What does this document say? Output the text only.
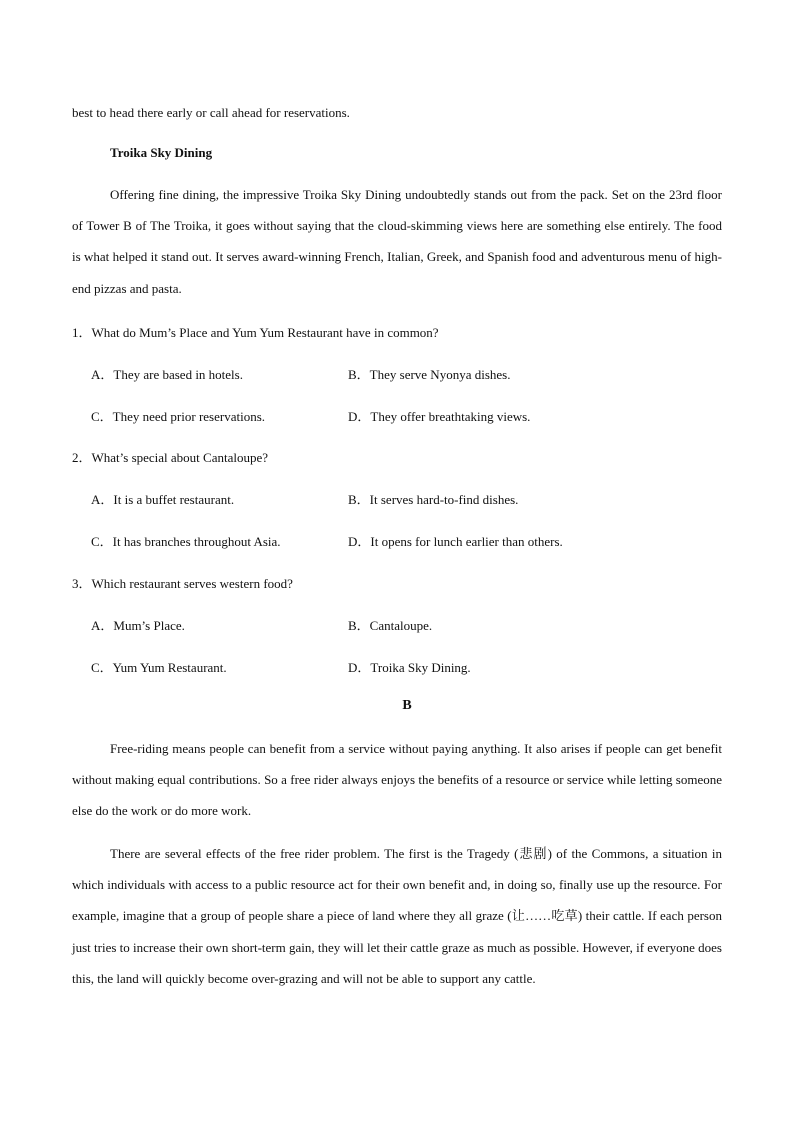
best to head there early or call ahead for reservations.

Troika Sky Dining

Offering fine dining, the impressive Troika Sky Dining undoubtedly stands out from the pack. Set on the 23rd floor of Tower B of The Troika, it goes without saying that the cloud-skimming views here are something else entirely. The food is what helped it stand out. It serves award-winning French, Italian, Greek, and Spanish food and adventurous menu of high-end pizzas and pasta.

1．What do Mum’s Place and Yum Yum Restaurant have in common?
A．They are based in hotels.	B．They serve Nyonya dishes.
C．They need prior reservations.	D．They offer breathtaking views.
2．What’s special about Cantaloupe?
A．It is a buffet restaurant.	B．It serves hard-to-find dishes.
C．It has branches throughout Asia.	D．It opens for lunch earlier than others.
3．Which restaurant serves western food?
A．Mum’s Place.	B．Cantaloupe.
C．Yum Yum Restaurant.	D．Troika Sky Dining.
B

Free-riding means people can benefit from a service without paying anything. It also arises if people can get benefit without making equal contributions. So a free rider always enjoys the benefits of a resource or service while letting someone else do the work or do more work.

There are several effects of the free rider problem. The first is the Tragedy (悲剧) of the Commons, a situation in which individuals with access to a public resource act for their own benefit and, in doing so, finally use up the resource. For example, imagine that a group of people share a piece of land where they all graze (让……吃草) their cattle. If each person just tries to increase their own short-term gain, they will let their cattle graze as much as possible. However, if everyone does this, the land will quickly become over-grazing and will not be able to support any cattle.
